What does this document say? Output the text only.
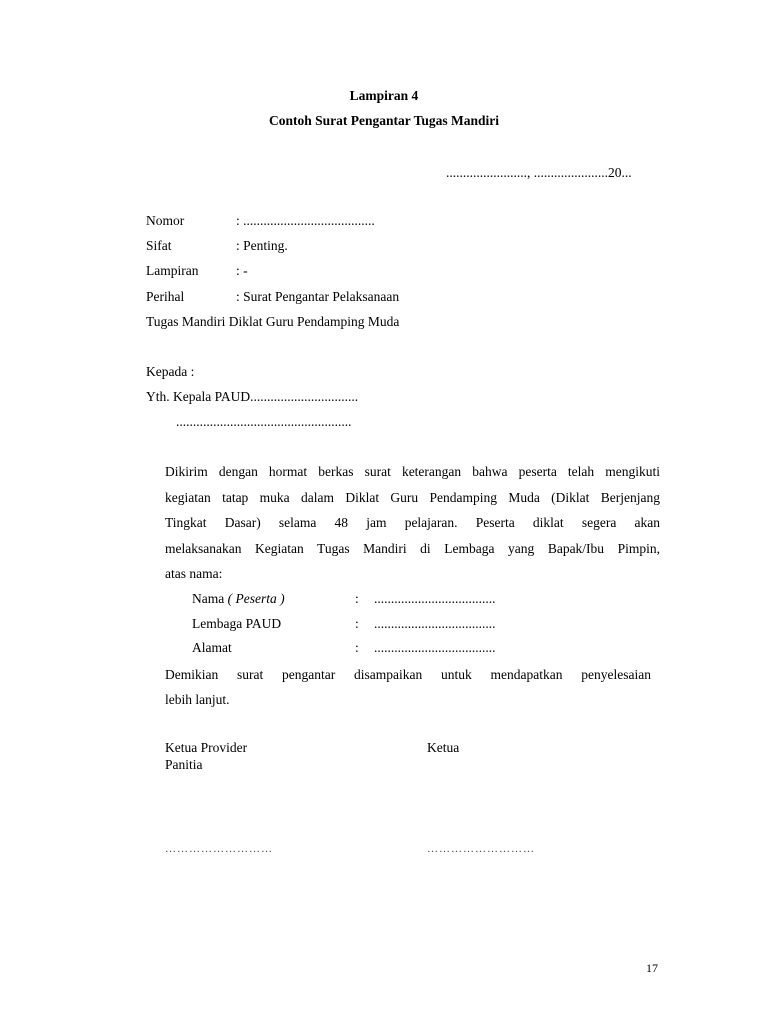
Lampiran 4
Contoh Surat Pengantar Tugas Mandiri
........................, ......................20...
Nomor	: .......................................
Sifat	: Penting.
Lampiran	: -
Perihal	: Surat Pengantar Pelaksanaan
Tugas Mandiri Diklat Guru Pendamping Muda
Kepada :
Yth. Kepala PAUD................................
....................................................
Dikirim dengan hormat berkas surat keterangan bahwa peserta telah mengikuti
kegiatan tatap muka dalam Diklat Guru Pendamping Muda (Diklat Berjenjang
Tingkat Dasar) selama 48 jam pelajaran. Peserta diklat segera akan
melaksanakan Kegiatan Tugas Mandiri di Lembaga yang Bapak/Ibu Pimpin,
atas nama:
Nama ( Peserta )	: ....................................
Lembaga PAUD	: ....................................
Alamat	: ....................................
Demikian surat pengantar disampaikan untuk mendapatkan penyelesaian
lebih lanjut.
Ketua Provider
Panitia
Ketua
………………………	………………………
17
